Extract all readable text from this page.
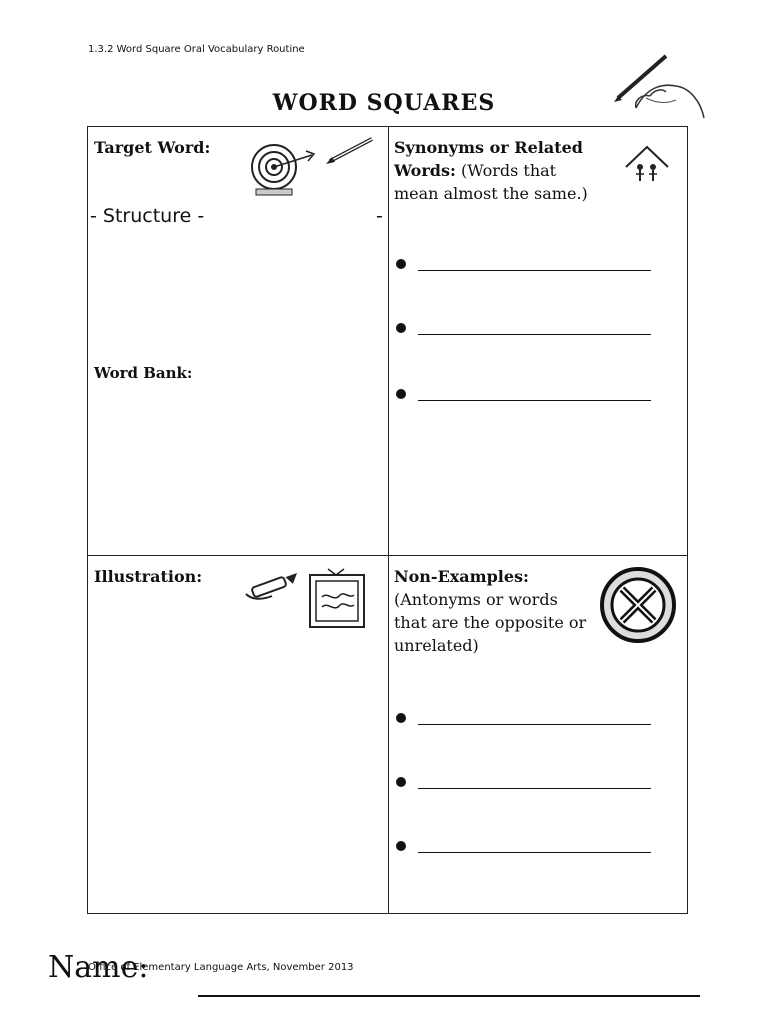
1.3.2 Word Square Oral Vocabulary Routine
WORD SQUARES
Target Word:
- Structure -	-
Word Bank:
Synonyms or Related
Words: (Words that
mean almost the same.)
Illustration:	Non-Examples:
(Antonyms or words
that are the opposite or
unrelated)
Name:
Office of Elementary Language Arts, November 2013
